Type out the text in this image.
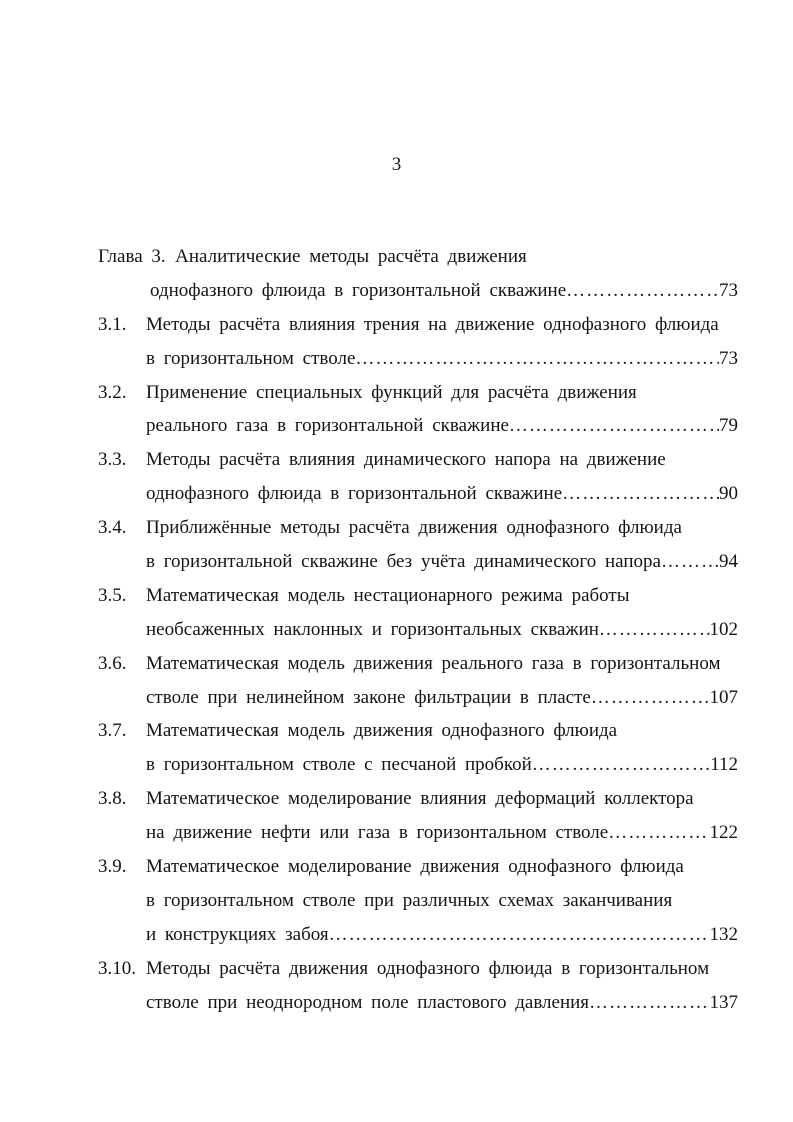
3
Глава 3. Аналитические методы расчёта движения
однофазного флюида в горизонтальной скважине ………………………………………………………………………………………………………………	73
3.1. Методы расчёта влияния трения на движение однофазного флюида
в горизонтальном стволе ………………………………………………………………………………………………………………	73
3.2. Применение специальных функций для расчёта движения
реального газа в горизонтальной скважине ………………………………………………………………………………………………………………	79
3.3. Методы расчёта влияния динамического напора на движение
однофазного флюида в горизонтальной скважине ………………………………………………………………………………………………………………	90
3.4. Приближённые методы расчёта движения однофазного флюида
в горизонтальной скважине без учёта динамического напора ………………………………………………………………………………………………………………	94
3.5. Математическая модель нестационарного режима работы
необсаженных наклонных и горизонтальных скважин ………………………………………………………………………………………………………………	102
3.6. Математическая модель движения реального газа в горизонтальном
стволе при нелинейном законе фильтрации в пласте ………………………………………………………………………………………………………………	107
3.7. Математическая модель движения однофазного флюида
в горизонтальном стволе с песчаной пробкой ………………………………………………………………………………………………………………	112
3.8. Математическое моделирование влияния деформаций коллектора
на движение нефти или газа в горизонтальном стволе ………………………………………………………………………………………………………………	122
3.9. Математическое моделирование движения однофазного флюида
в горизонтальном стволе при различных схемах заканчивания
и конструкциях забоя ………………………………………………………………………………………………………………	132
3.10. Методы расчёта движения однофазного флюида в горизонтальном
стволе при неоднородном поле пластового давления ………………………………………………………………………………………………………………	137
